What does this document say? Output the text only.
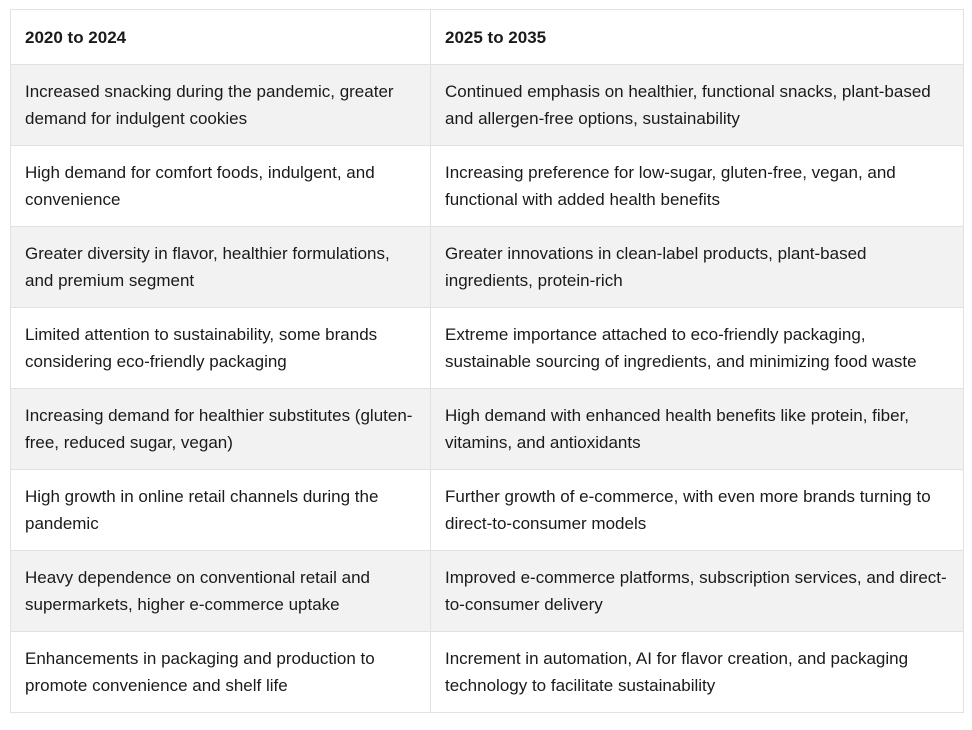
2020 to 2024	2025 to 2035
Increased snacking during the pandemic, greater demand for indulgent cookies	Continued emphasis on healthier, functional snacks, plant-based and allergen-free options, sustainability
High demand for comfort foods, indulgent, and convenience	Increasing preference for low-sugar, gluten-free, vegan, and functional with added health benefits
Greater diversity in flavor, healthier formulations, and premium segment	Greater innovations in clean-label products, plant-based ingredients, protein-rich
Limited attention to sustainability, some brands considering eco-friendly packaging	Extreme importance attached to eco-friendly packaging, sustainable sourcing of ingredients, and minimizing food waste
Increasing demand for healthier substitutes (gluten-free, reduced sugar, vegan)	High demand with enhanced health benefits like protein, fiber, vitamins, and antioxidants
High growth in online retail channels during the pandemic	Further growth of e-commerce, with even more brands turning to direct-to-consumer models
Heavy dependence on conventional retail and supermarkets, higher e-commerce uptake	Improved e-commerce platforms, subscription services, and direct-to-consumer delivery
Enhancements in packaging and production to promote convenience and shelf life	Increment in automation, AI for flavor creation, and packaging technology to facilitate sustainability
